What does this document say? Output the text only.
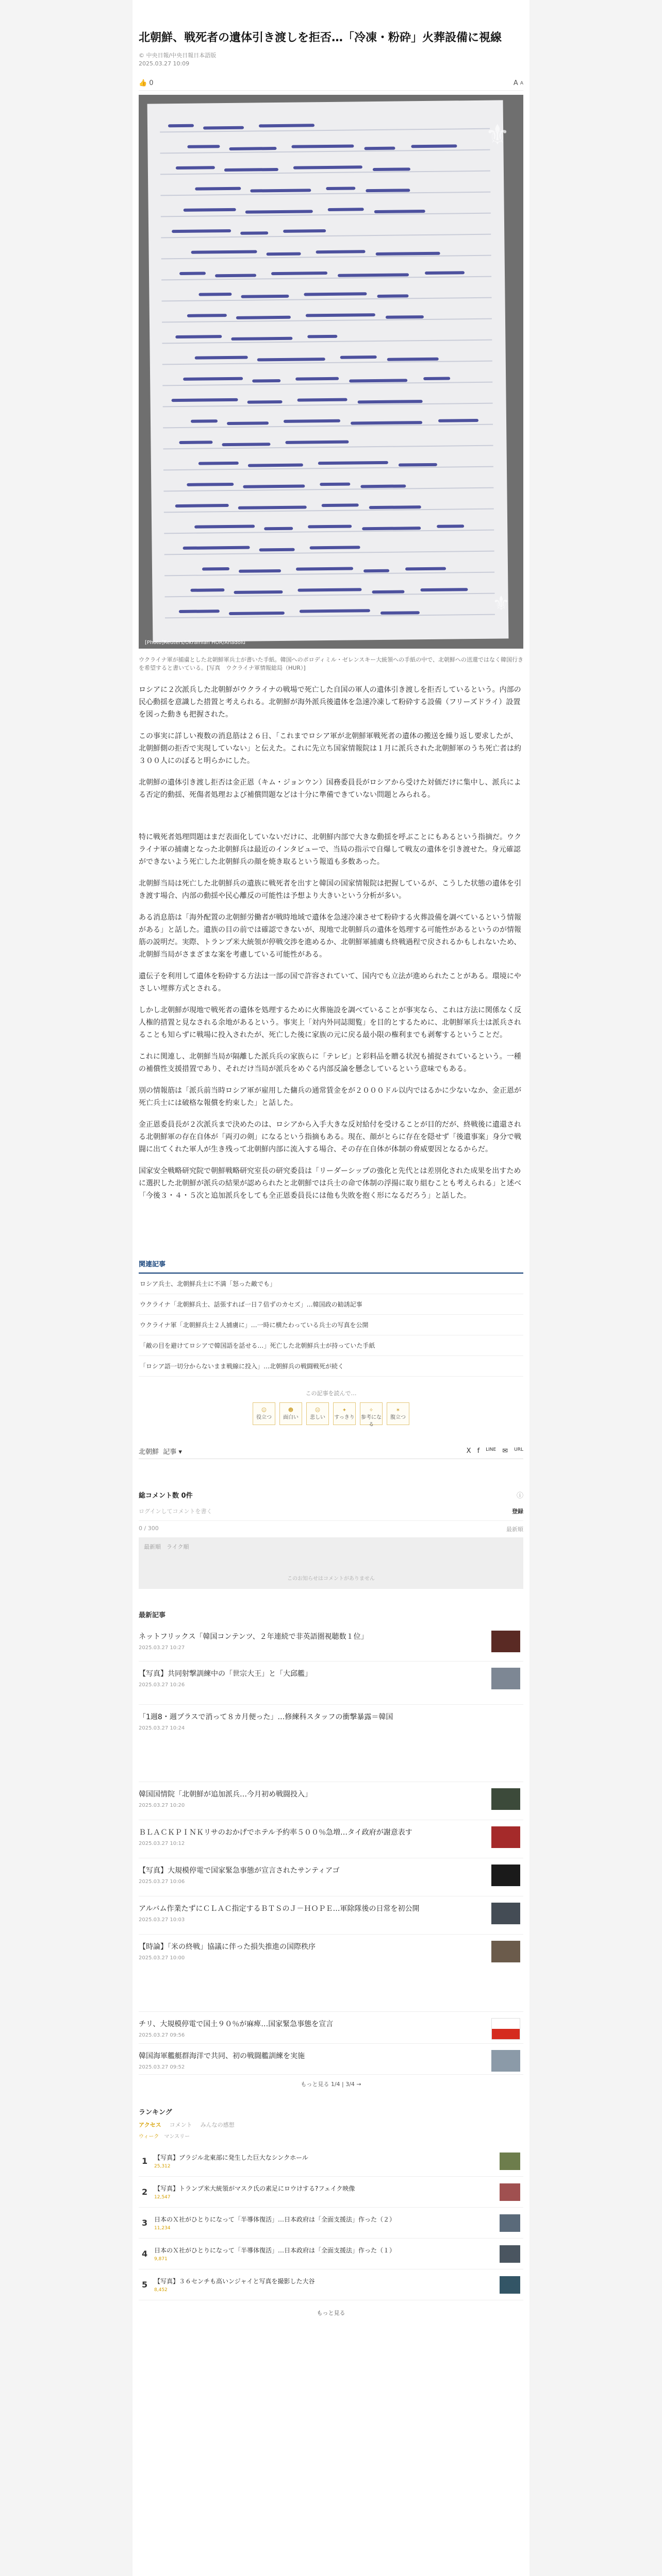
北朝鮮、戦死者の遺体引き渡しを拒否…「冷凍・粉砕」火葬設備に視線
© 中央日報/中央日報日本語版
2025.03.27 10:09
👍 0	A A
⚜
⚜
[Photo]Reuters/Ukrainian HUR/Anadolu
ウクライナ軍が捕虜とした北朝鮮軍兵士が書いた手紙。韓国へのポロディミル・ゼレンスキー大統領への手紙の中で、北朝鮮への送還ではなく韓国行きを希望すると書いている。[写真　ウクライナ軍情報総局（HUR）]

ロシアに２次派兵した北朝鮮がウクライナの戦場で死亡した自国の軍人の遺体引き渡しを拒否しているという。内部の民心動揺を意識した措置と考えられる。北朝鮮が海外派兵後遺体を急速冷凍して粉砕する設備（フリーズドライ）設置を図った動きも把握された。

この事実に詳しい複数の消息筋は２６日、「これまでロシア軍が北朝鮮軍戦死者の遺体の搬送を繰り返し要求したが、北朝鮮側の拒否で実現していない」と伝えた。これに先立ち国家情報院は１月に派兵された北朝鮮軍のうち死亡者は約３００人にのぼると明らかにした。

北朝鮮の遺体引き渡し拒否は金正恩（キム・ジョンウン）国務委員長がロシアから受けた対価だけに集中し、派兵による否定的動揺、死傷者処理および補償問題などは十分に準備できていない問題とみられる。

特に戦死者処理問題はまだ表面化していないだけに、北朝鮮内部で大きな動揺を呼ぶことにもあるという指摘だ。ウクライナ軍の捕虜となった北朝鮮兵は最近のインタビューで、当局の指示で自爆して戦友の遺体を引き渡せた。身元確認ができないよう死亡した北朝鮮兵の顔を焼き取るという報道も多数あった。

北朝鮮当局は死亡した北朝鮮兵の遺族に戦死者を出すと韓国の国家情報院は把握しているが、こうした状態の遺体を引き渡す場合、内部の動揺や民心離反の可能性は予想より大きいという分析が多い。

ある消息筋は「海外配置の北朝鮮労働者が戦時地域で遺体を急速冷凍させて粉砕する火葬設備を調べているという情報がある」と話した。遺族の目の前では確認できないが、現地で北朝鮮兵の遺体を処理する可能性があるというのが情報筋の説明だ。実際、トランプ米大統領が停戦交渉を進めるか、北朝鮮軍捕虜も終戦過程で戻されるかもしれないため、北朝鮮当局がさまざまな案を考慮している可能性がある。

遺伝子を利用して遺体を粉砕する方法は一部の国で許容されていて、国内でも立法が進められたことがある。環境にやさしい埋葬方式とされる。

しかし北朝鮮が現地で戦死者の遺体を処理するために火葬施設を調べていることが事実なら、これは方法に関係なく反人権的措置と見なされる余地があるという。事実上「対内外同誌閲覧」を目的とするために、北朝鮮軍兵士は派兵されることも知らずに戦場に投入されたが、死亡した後に家族の元に戻る最小限の権利までも剥奪するということだ。

これに関連し、北朝鮮当局が隔離した派兵兵の家族らに「テレビ」と彩料品を贈る状況も捕捉されているという。一種の補償性支援措置であり、それだけ当局が派兵をめぐる内部反論を懸念しているという意味でもある。

別の情報筋は「派兵前当時ロシア軍が雇用した傭兵の通常賃金をが２０００ドル以内ではるかに少ないなか、金正恩が死亡兵士には破格な報償を約束した」と話した。

金正恩委員長が２次派兵まで決めたのは、ロシアから入手大きな反対給付を受けることが目的だが、終戦後に遺還される北朝鮮軍の存在自体が「両刃の剣」になるという指摘もある。現在、顔がとらに存在を隠せず「後遺事案」身分で戦闘に出てくれた軍人が生き残って北朝鮮内部に流入する場合、その存在自体が体制の脅威要因となるからだ。

国家安全戦略研究院で朝鮮戦略研究室長の研究委員は「リーダーシップの強化と先代とは差別化された成果を出すために選択した北朝鮮が派兵の結果が認められたと北朝鮮では兵士の命で体制の浮揚に取り組むことも考えられる」と述べ「今後３・４・５次と追加派兵をしても全正恩委員長には他も失敗を抱く形になるだろう」と話した。

関連記事
ロシア兵士、北朝鮮兵士に不満「怒った敵でも」
ウクライナ「北朝鮮兵士、話張すれば一日７倍ずのカセズ」…韓国政の勧誘記事
ウクライナ軍「北朝鮮兵士２人捕虜に」…一時に横たわっている兵士の写真を公開
「敵の目を避けてロシアで韓国語を話せる…」死亡した北朝鮮兵士が持っていた手紙
「ロシア語一切分からないまま戦線に投入」…北朝鮮兵の戦闘戦死が続く
この記事を読んで…
☺
役立つ
☻
面白い
☹
悲しい
✦
すっきり
✧
参考になる
✶
腹立つ
北朝鮮 記事 ▾	X f LINE ✉ URL
総コメント数 0件	ⓘ
ログインしてコメントを書く	登録
0 / 300	最新順
最新順　ライク順
このお知らせはコメントがありません
最新記事
ネットフリックス「韓国コンテンツ、２年連続で非英語圏視聴数１位」
2025.03.27 10:27
【写真】共同射撃訓練中の「世宗大王」と「大邱艦」
2025.03.27 10:26
「1週8・週プラスで消って８カ月便った」…修練科スタッフの衝撃暴露＝韓国
2025.03.27 10:24
韓国国情院「北朝鮮が追加派兵…今月初め戦闘投入」
2025.03.27 10:20
ＢＬＡＣＫＰＩＮＫリサのおかげでホテル予約率５００％急増…タイ政府が謝意表す
2025.03.27 10:12
【写真】大規模停電で国家緊急事態が宣言されたサンティアゴ
2025.03.27 10:06
アルバム作業たずにＣＬＡＣ指定するＢＴＳのＪ－ＨＯＰＥ…軍除隊後の日常を初公開
2025.03.27 10:03
【時論】「米の終戦」協議に伴った損失推進の国際秩序
2025.03.27 10:00
チリ、大規模停電で国土９０％が麻痺…国家緊急事態を宣言
2025.03.27 09:56
韓国海軍艦艇群海洋で共同、初の戦闘艦訓練を実施
2025.03.27 09:52
もっと見る 1/4 | 3/4 →
ランキング
アクセス コメント みんなの感想
ウィーク マンスリー
1	【写真】ブラジル北東部に発生した巨大なシンクホール
25,312
2	【写真】トランプ米大統領がマスク氏の素足にロウけする?フェイク映像
12,547
3	日本のＸ社がひとりになって「半導体復活」…日本政府は「全面支援法」作った（２）
11,234
4	日本のＸ社がひとりになって「半導体復活」…日本政府は「全面支援法」作った（１）
9,871
5	【写真】３６センチも高いンジャイと写真を撮影した大谷
8,452
もっと見る
